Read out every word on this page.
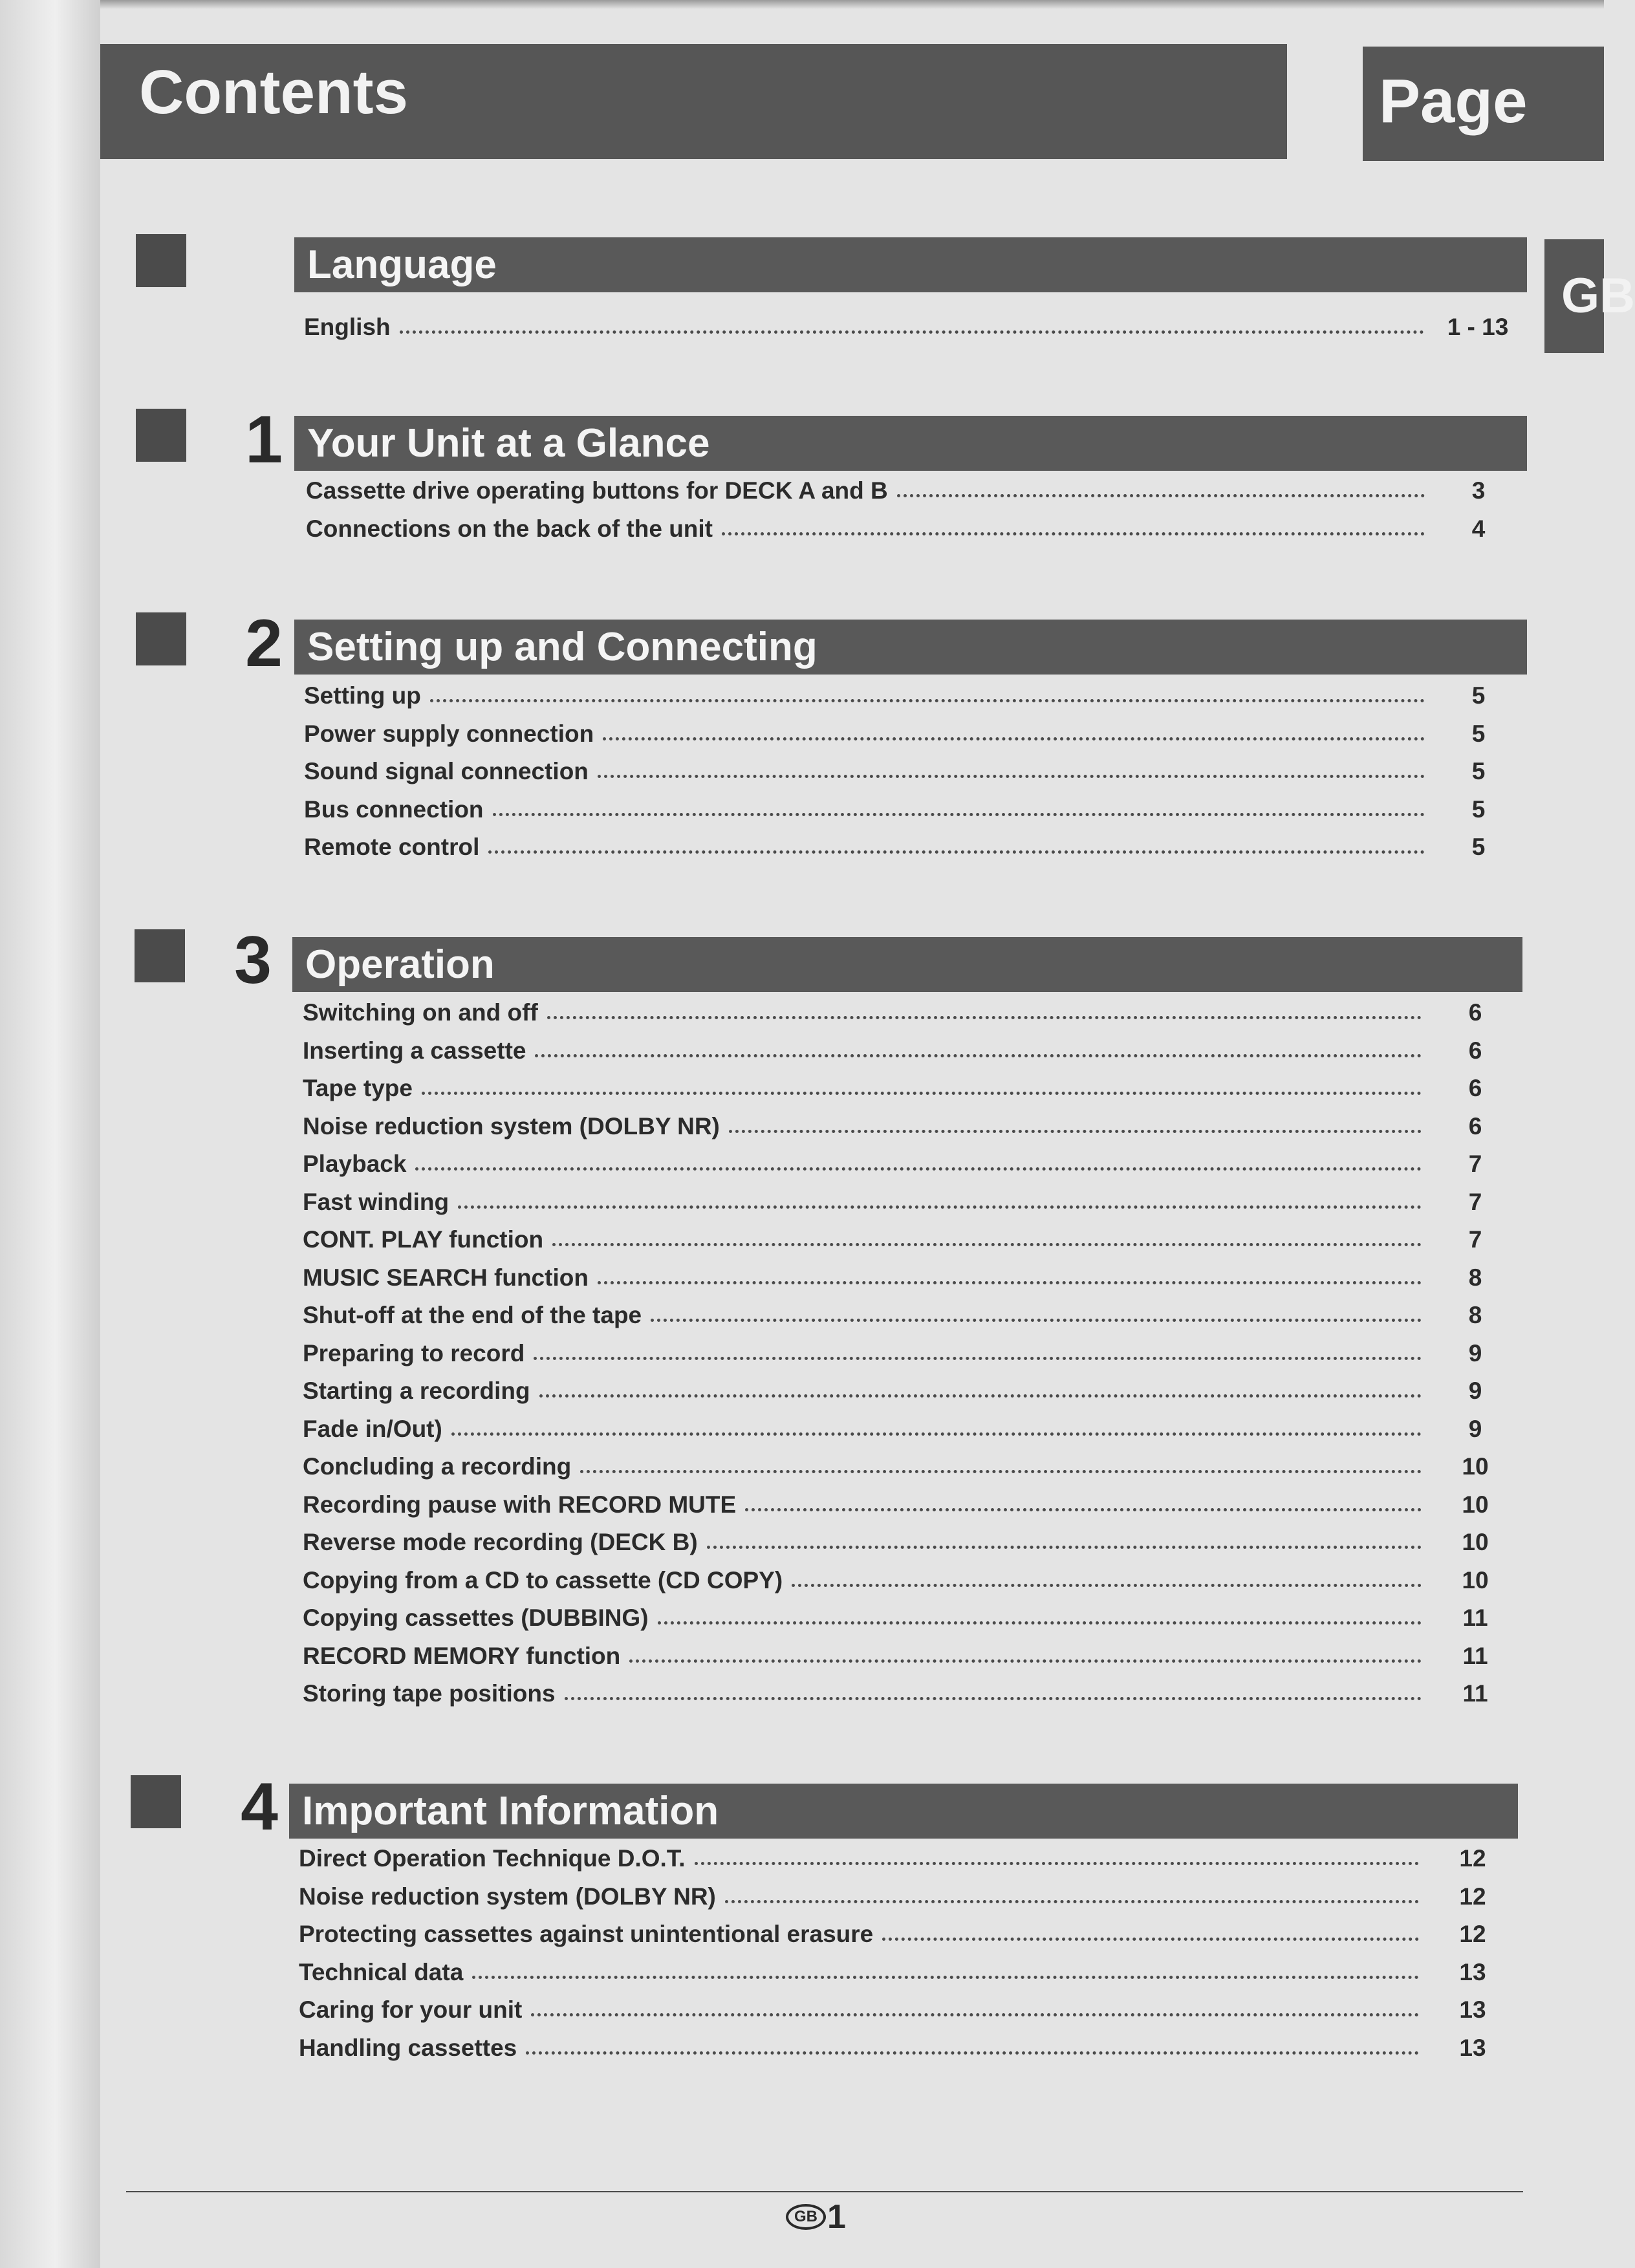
Contents	Page
GB
Language
English	1 - 13
1 Your Unit at a Glance
Cassette drive operating buttons for DECK A and B	3
Connections on the back of the unit	4
2 Setting up and Connecting
Setting up	5
Power supply connection	5
Sound signal connection	5
Bus connection	5
Remote control	5
3 Operation
Switching on and off	6
Inserting a cassette	6
Tape type	6
Noise reduction system (DOLBY NR)	6
Playback	7
Fast winding	7
CONT. PLAY function	7
MUSIC SEARCH function	8
Shut-off at the end of the tape	8
Preparing to record	9
Starting a recording	9
Fade in/Out)	9
Concluding a recording	10
Recording pause with RECORD MUTE	10
Reverse mode recording (DECK B)	10
Copying from a CD to cassette (CD COPY)	10
Copying cassettes (DUBBING)	11
RECORD MEMORY function	11
Storing tape positions	11
4 Important Information
Direct Operation Technique D.O.T.	12
Noise reduction system (DOLBY NR)	12
Protecting cassettes against unintentional erasure	12
Technical data	13
Caring for your unit	13
Handling cassettes	13
GB 1
